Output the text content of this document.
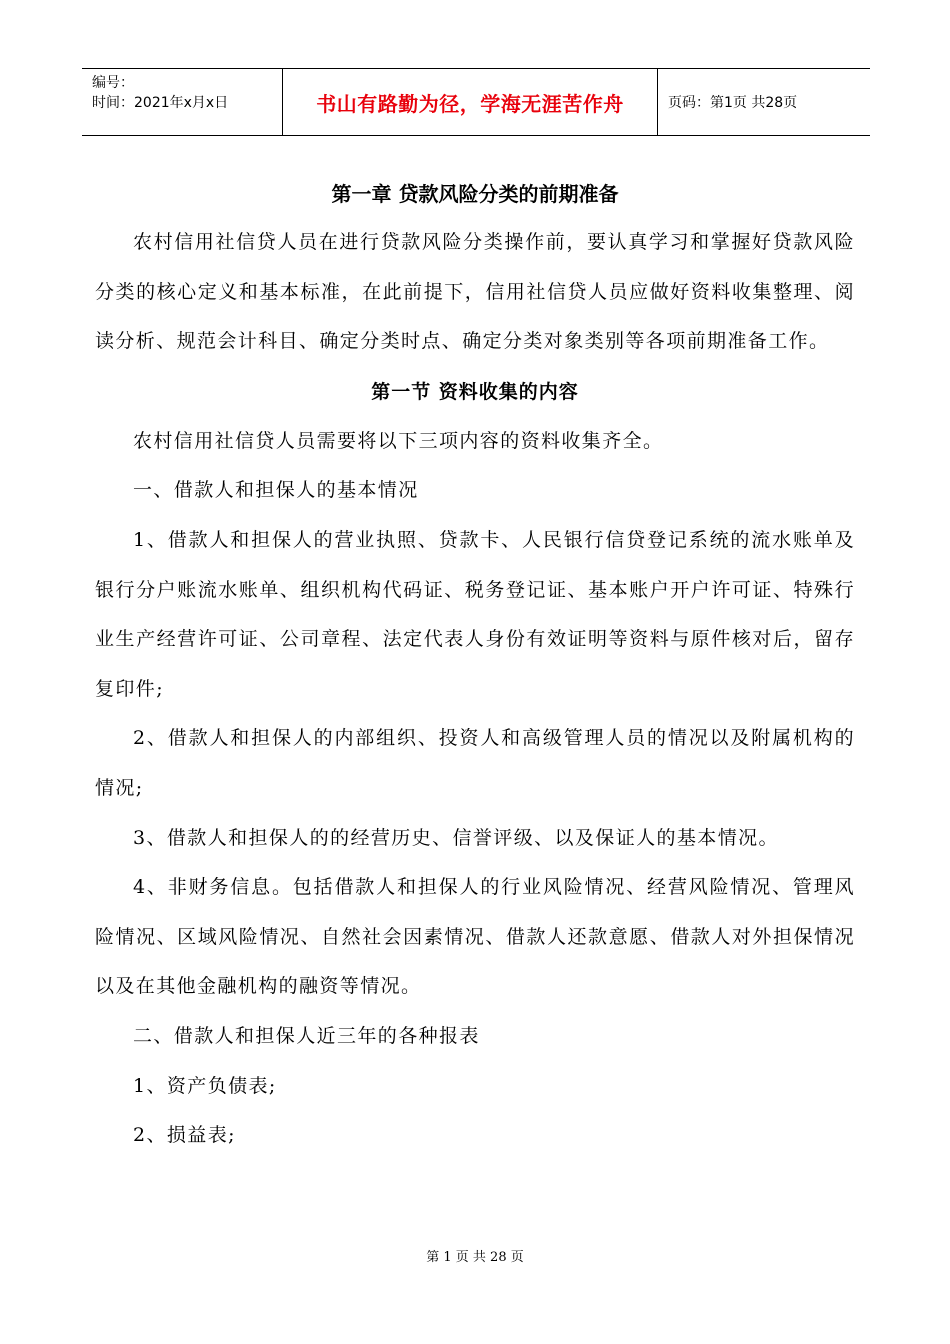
编号：
时间：2021年x月x日	书山有路勤为径，学海无涯苦作舟	页码：第1页 共28页
第一章 贷款风险分类的前期准备

农村信用社信贷人员在进行贷款风险分类操作前，要认真学习和掌握好贷款风险分类的核心定义和基本标准，在此前提下，信用社信贷人员应做好资料收集整理、阅读分析、规范会计科目、确定分类时点、确定分类对象类别等各项前期准备工作。

第一节 资料收集的内容

农村信用社信贷人员需要将以下三项内容的资料收集齐全。

一、借款人和担保人的基本情况

1、借款人和担保人的营业执照、贷款卡、人民银行信贷登记系统的流水账单及银行分户账流水账单、组织机构代码证、税务登记证、基本账户开户许可证、特殊行业生产经营许可证、公司章程、法定代表人身份有效证明等资料与原件核对后，留存复印件;

2、借款人和担保人的内部组织、投资人和高级管理人员的情况以及附属机构的情况;

3、借款人和担保人的的经营历史、信誉评级、以及保证人的基本情况。

4、非财务信息。包括借款人和担保人的行业风险情况、经营风险情况、管理风险情况、区域风险情况、自然社会因素情况、借款人还款意愿、借款人对外担保情况以及在其他金融机构的融资等情况。

二、借款人和担保人近三年的各种报表

1、资产负债表;

2、损益表;

第 1 页 共 28 页
